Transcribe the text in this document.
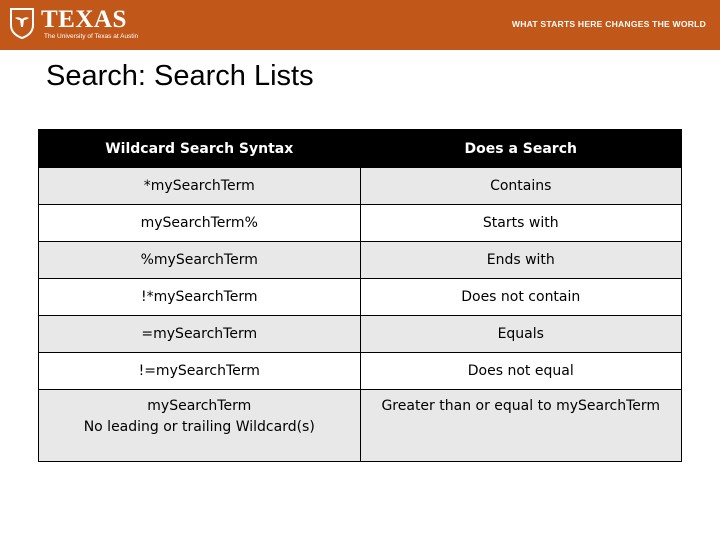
TEXAS
The University of Texas at Austin
WHAT STARTS HERE CHANGES THE WORLD
Search: Search Lists
Wildcard Search Syntax	Does a Search
*mySearchTerm	Contains
mySearchTerm%	Starts with
%mySearchTerm	Ends with
!*mySearchTerm	Does not contain
=mySearchTerm	Equals
!=mySearchTerm	Does not equal

mySearchTerm
No leading or trailing Wildcard(s)	Greater than or equal to mySearchTerm
